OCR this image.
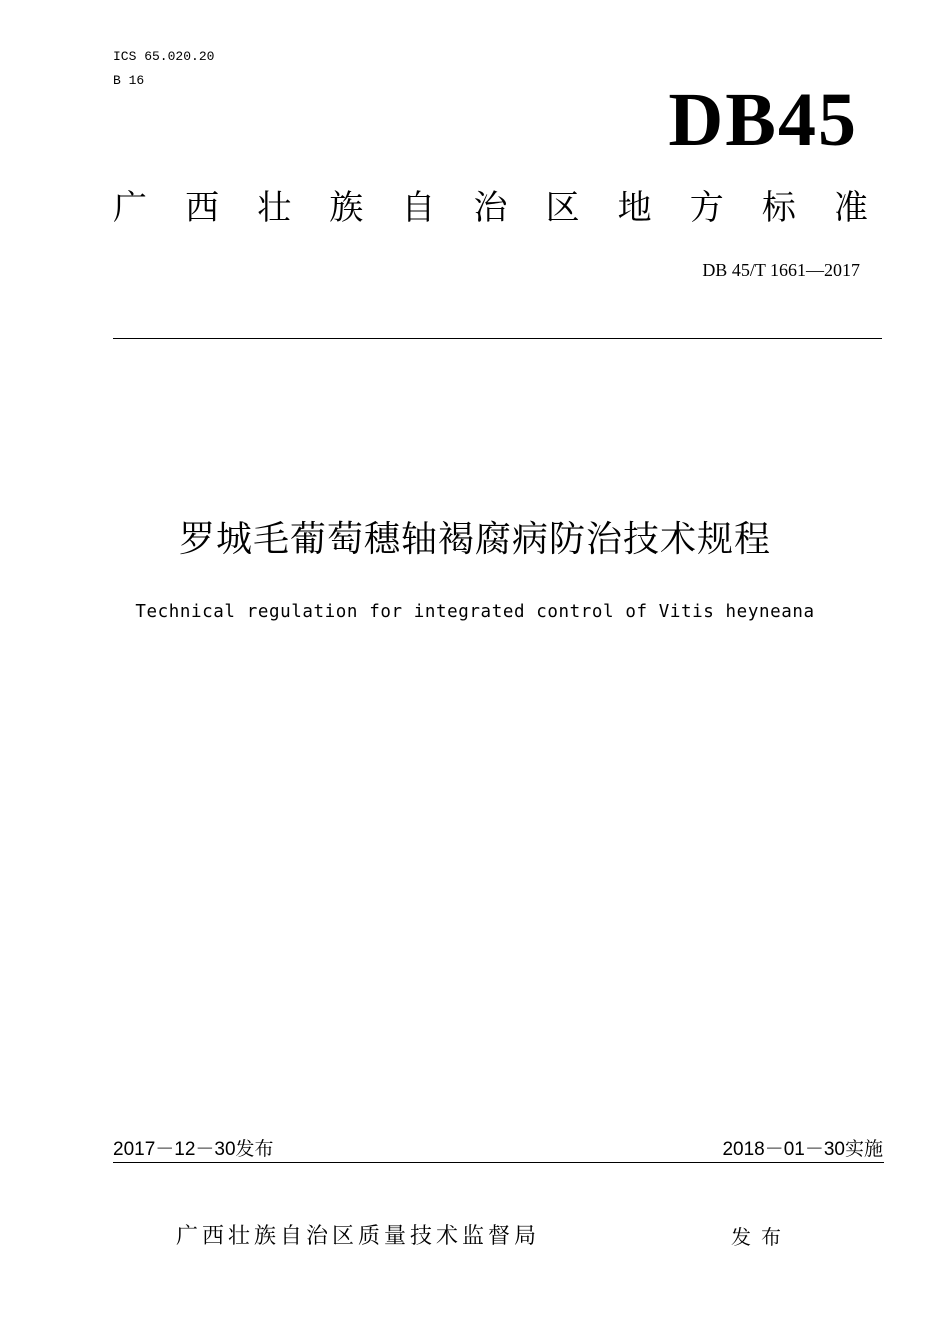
ICS 65.020.20
B 16	DB45
广 西 壮 族 自 治 区 地 方 标 准
DB 45/T 1661—2017
罗城毛葡萄穗轴褐腐病防治技术规程
Technical regulation for integrated control of Vitis heyneana
2017－12－30发布	2018－01－30实施
广西壮族自治区质量技术监督局	发布
